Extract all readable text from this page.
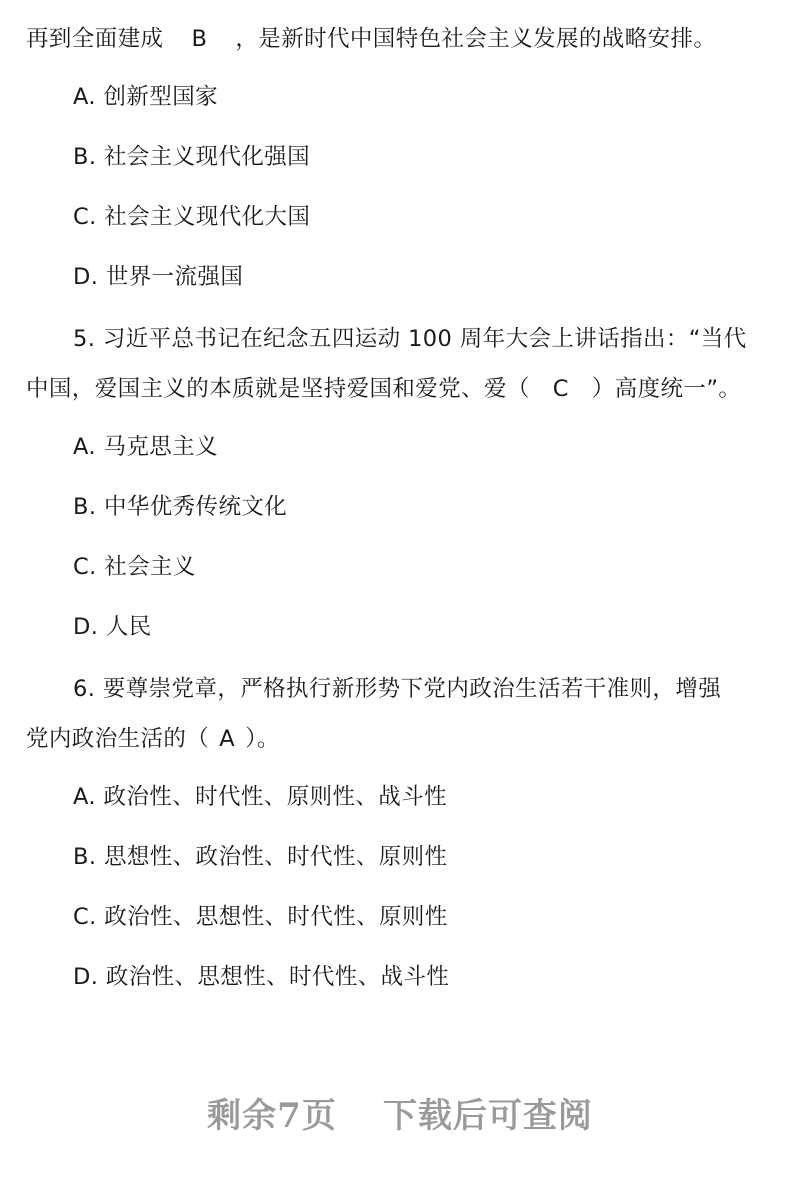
再到全面建成 B ，是新时代中国特色社会主义发展的战略安排。
A. 创新型国家
B. 社会主义现代化强国
C. 社会主义现代化大国
D. 世界一流强国
5. 习近平总书记在纪念五四运动 100 周年大会上讲话指出：“当代
中国，爱国主义的本质就是坚持爱国和爱党、爱（ C ）高度统一”。
A. 马克思主义
B. 中华优秀传统文化
C. 社会主义
D. 人民
6. 要尊崇党章，严格执行新形势下党内政治生活若干准则，增强
党内政治生活的（ A ）。
A. 政治性、时代性、原则性、战斗性
B. 思想性、政治性、时代性、原则性
C. 政治性、思想性、时代性、原则性
D. 政治性、思想性、时代性、战斗性
剩余7页 下载后可查阅
